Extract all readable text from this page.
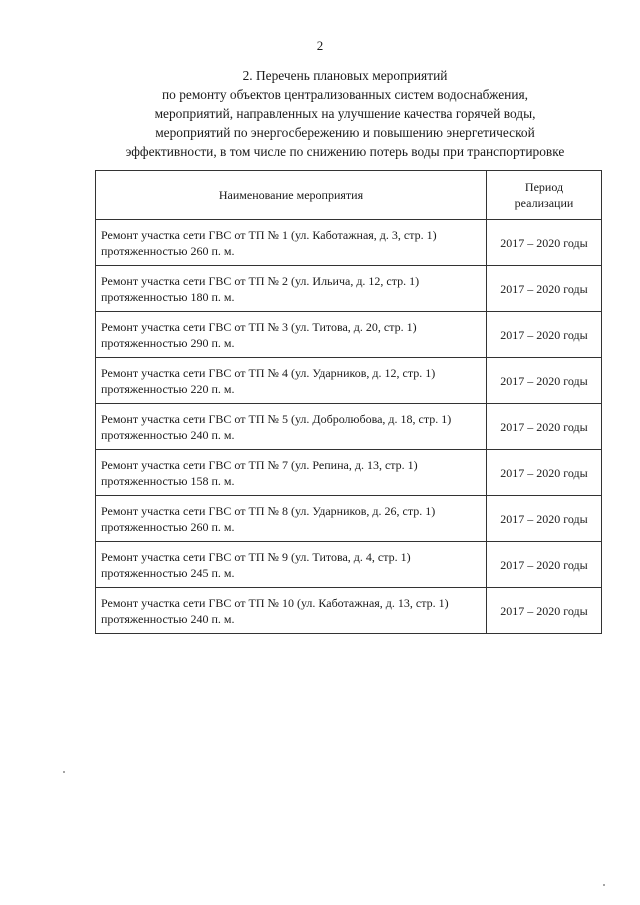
2
2. Перечень плановых мероприятий
по ремонту объектов централизованных систем водоснабжения,
мероприятий, направленных на улучшение качества горячей воды,
мероприятий по энергосбережению и повышению энергетической
эффективности, в том числе по снижению потерь воды при транспортировке
Наименование мероприятия	Период
реализации

Ремонт участка сети ГВС от ТП № 1 (ул. Каботажная, д. 3, стр. 1)
протяженностью 260 п. м.	2017 – 2020 годы

Ремонт участка сети ГВС от ТП № 2 (ул. Ильича, д. 12, стр. 1)
протяженностью 180 п. м.	2017 – 2020 годы

Ремонт участка сети ГВС от ТП № 3 (ул. Титова, д. 20, стр. 1)
протяженностью 290 п. м.	2017 – 2020 годы

Ремонт участка сети ГВС от ТП № 4 (ул. Ударников, д. 12, стр. 1)
протяженностью 220 п. м.	2017 – 2020 годы

Ремонт участка сети ГВС от ТП № 5 (ул. Добролюбова, д. 18, стр. 1)
протяженностью 240 п. м.	2017 – 2020 годы

Ремонт участка сети ГВС от ТП № 7 (ул. Репина, д. 13, стр. 1)
протяженностью 158 п. м.	2017 – 2020 годы

Ремонт участка сети ГВС от ТП № 8 (ул. Ударников, д. 26, стр. 1)
протяженностью 260 п. м.	2017 – 2020 годы

Ремонт участка сети ГВС от ТП № 9 (ул. Титова, д. 4, стр. 1)
протяженностью 245 п. м.	2017 – 2020 годы

Ремонт участка сети ГВС от ТП № 10 (ул. Каботажная, д. 13, стр. 1)
протяженностью 240 п. м.	2017 – 2020 годы
